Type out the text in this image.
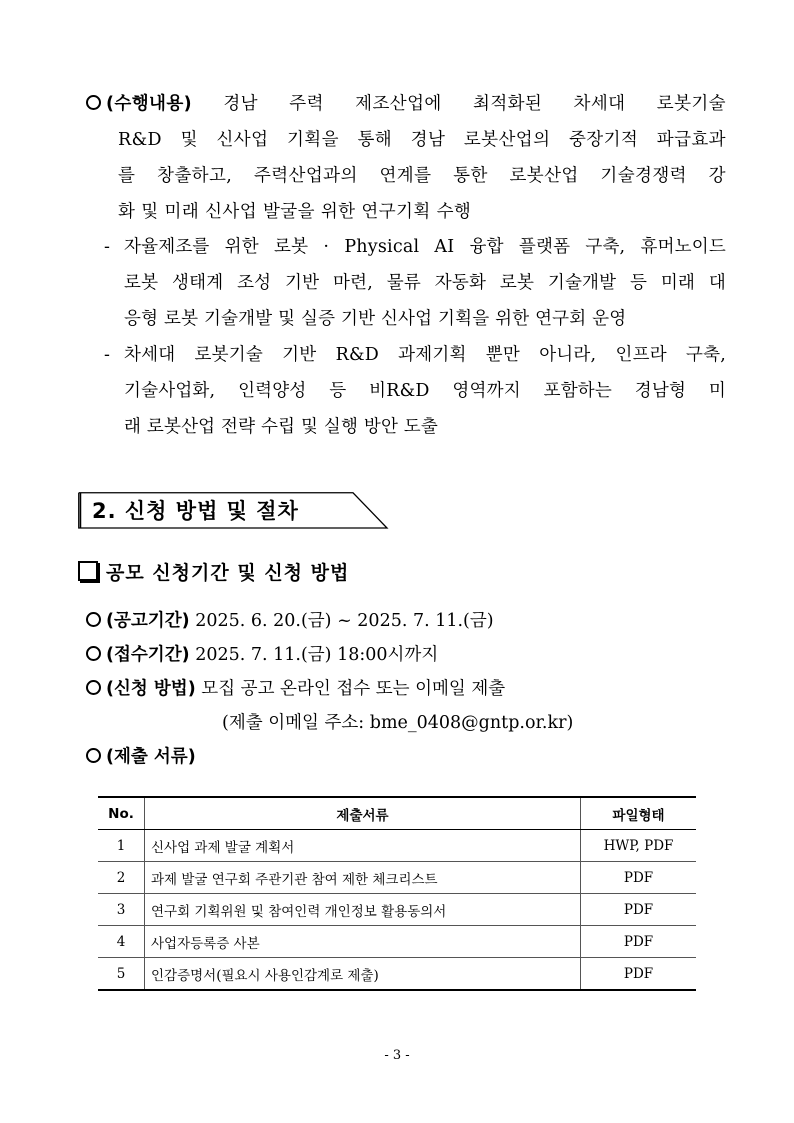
(수행내용) 경남 주력 제조산업에 최적화된 차세대 로봇기술
R&D 및 신사업 기획을 통해 경남 로봇산업의 중장기적 파급효과
를 창출하고, 주력산업과의 연계를 통한 로봇산업 기술경쟁력 강
화 및 미래 신사업 발굴을 위한 연구기획 수행
- 자율제조를 위한 로봇 · Physical AI 융합 플랫폼 구축, 휴머노이드
로봇 생태계 조성 기반 마련, 물류 자동화 로봇 기술개발 등 미래 대
응형 로봇 기술개발 및 실증 기반 신사업 기획을 위한 연구회 운영
- 차세대 로봇기술 기반 R&D 과제기획 뿐만 아니라, 인프라 구축,
기술사업화, 인력양성 등 비R&D 영역까지 포함하는 경남형 미
래 로봇산업 전략 수립 및 실행 방안 도출
2. 신청 방법 및 절차
공모 신청기간 및 신청 방법
(공고기간) 2025. 6. 20.(금) ~ 2025. 7. 11.(금)
(접수기간) 2025. 7. 11.(금) 18:00시까지
(신청 방법) 모집 공고 온라인 접수 또는 이메일 제출
(제출 이메일 주소: bme_0408@gntp.or.kr)
(제출 서류)
No.	제출서류	파일형태
1	신사업 과제 발굴 계획서	HWP, PDF
2	과제 발굴 연구회 주관기관 참여 제한 체크리스트	PDF
3	연구회 기획위원 및 참여인력 개인정보 활용동의서	PDF
4	사업자등록증 사본	PDF
5	인감증명서(필요시 사용인감계로 제출)	PDF
- 3 -
